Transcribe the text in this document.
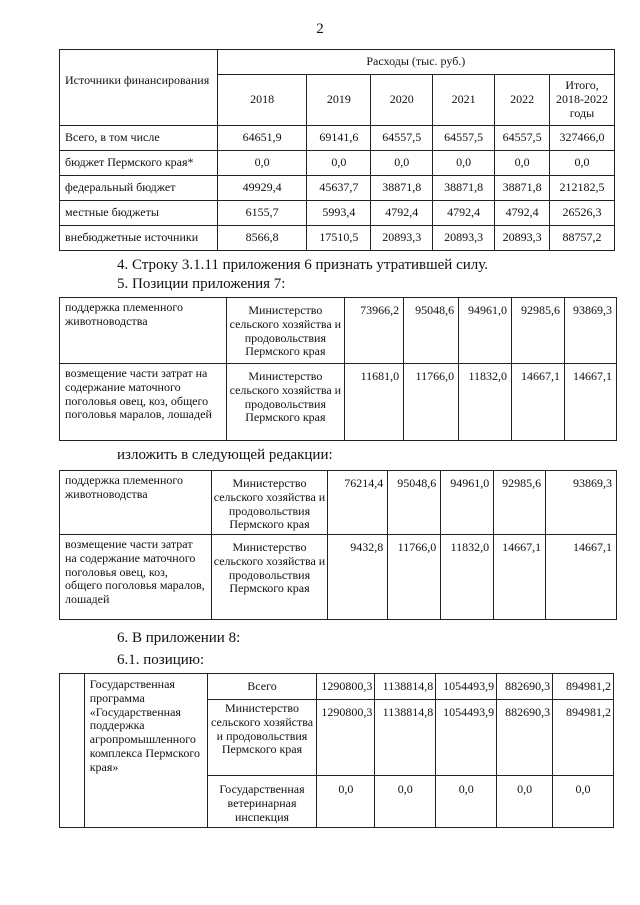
2
Источники финансирования	Расходы (тыс. руб.)					
	2018	2019	2020	2021	2022	Итого, 2018-2022 годы
Всего, в том числе	64651,9	69141,6	64557,5	64557,5	64557,5	327466,0
бюджет Пермского края*	0,0	0,0	0,0	0,0	0,0	0,0
федеральный бюджет	49929,4	45637,7	38871,8	38871,8	38871,8	212182,5
местные бюджеты	6155,7	5993,4	4792,4	4792,4	4792,4	26526,3
внебюджетные источники	8566,8	17510,5	20893,3	20893,3	20893,3	88757,2
4. Строку 3.1.11 приложения 6 признать утратившей силу.
5. Позиции приложения 7:
поддержка племенного животноводства	Министерство сельского хозяйства и продовольствия Пермского края	73966,2	95048,6	94961,0	92985,6	93869,3
возмещение части затрат на содержание маточного поголовья овец, коз, общего поголовья маралов, лошадей	Министерство сельского хозяйства и продовольствия Пермского края	11681,0	11766,0	11832,0	14667,1	14667,1
изложить в следующей редакции:
поддержка племенного животноводства	Министерство сельского хозяйства и продовольствия Пермского края	76214,4	95048,6	94961,0	92985,6	93869,3
возмещение части затрат на содержание маточного поголовья овец, коз, общего поголовья маралов, лошадей	Министерство сельского хозяйства и продовольствия Пермского края	9432,8	11766,0	11832,0	14667,1	14667,1
6. В приложении 8:
6.1. позицию:
	Государственная программа «Государственная поддержка агропромышленного комплекса Пермского края»	Всего	1290800,3	1138814,8	1054493,9	882690,3	894981,2
		Министерство сельского хозяйства и продовольствия Пермского края	1290800,3	1138814,8	1054493,9	882690,3	894981,2
		Государственная ветеринарная инспекция	0,0	0,0	0,0	0,0	0,0
